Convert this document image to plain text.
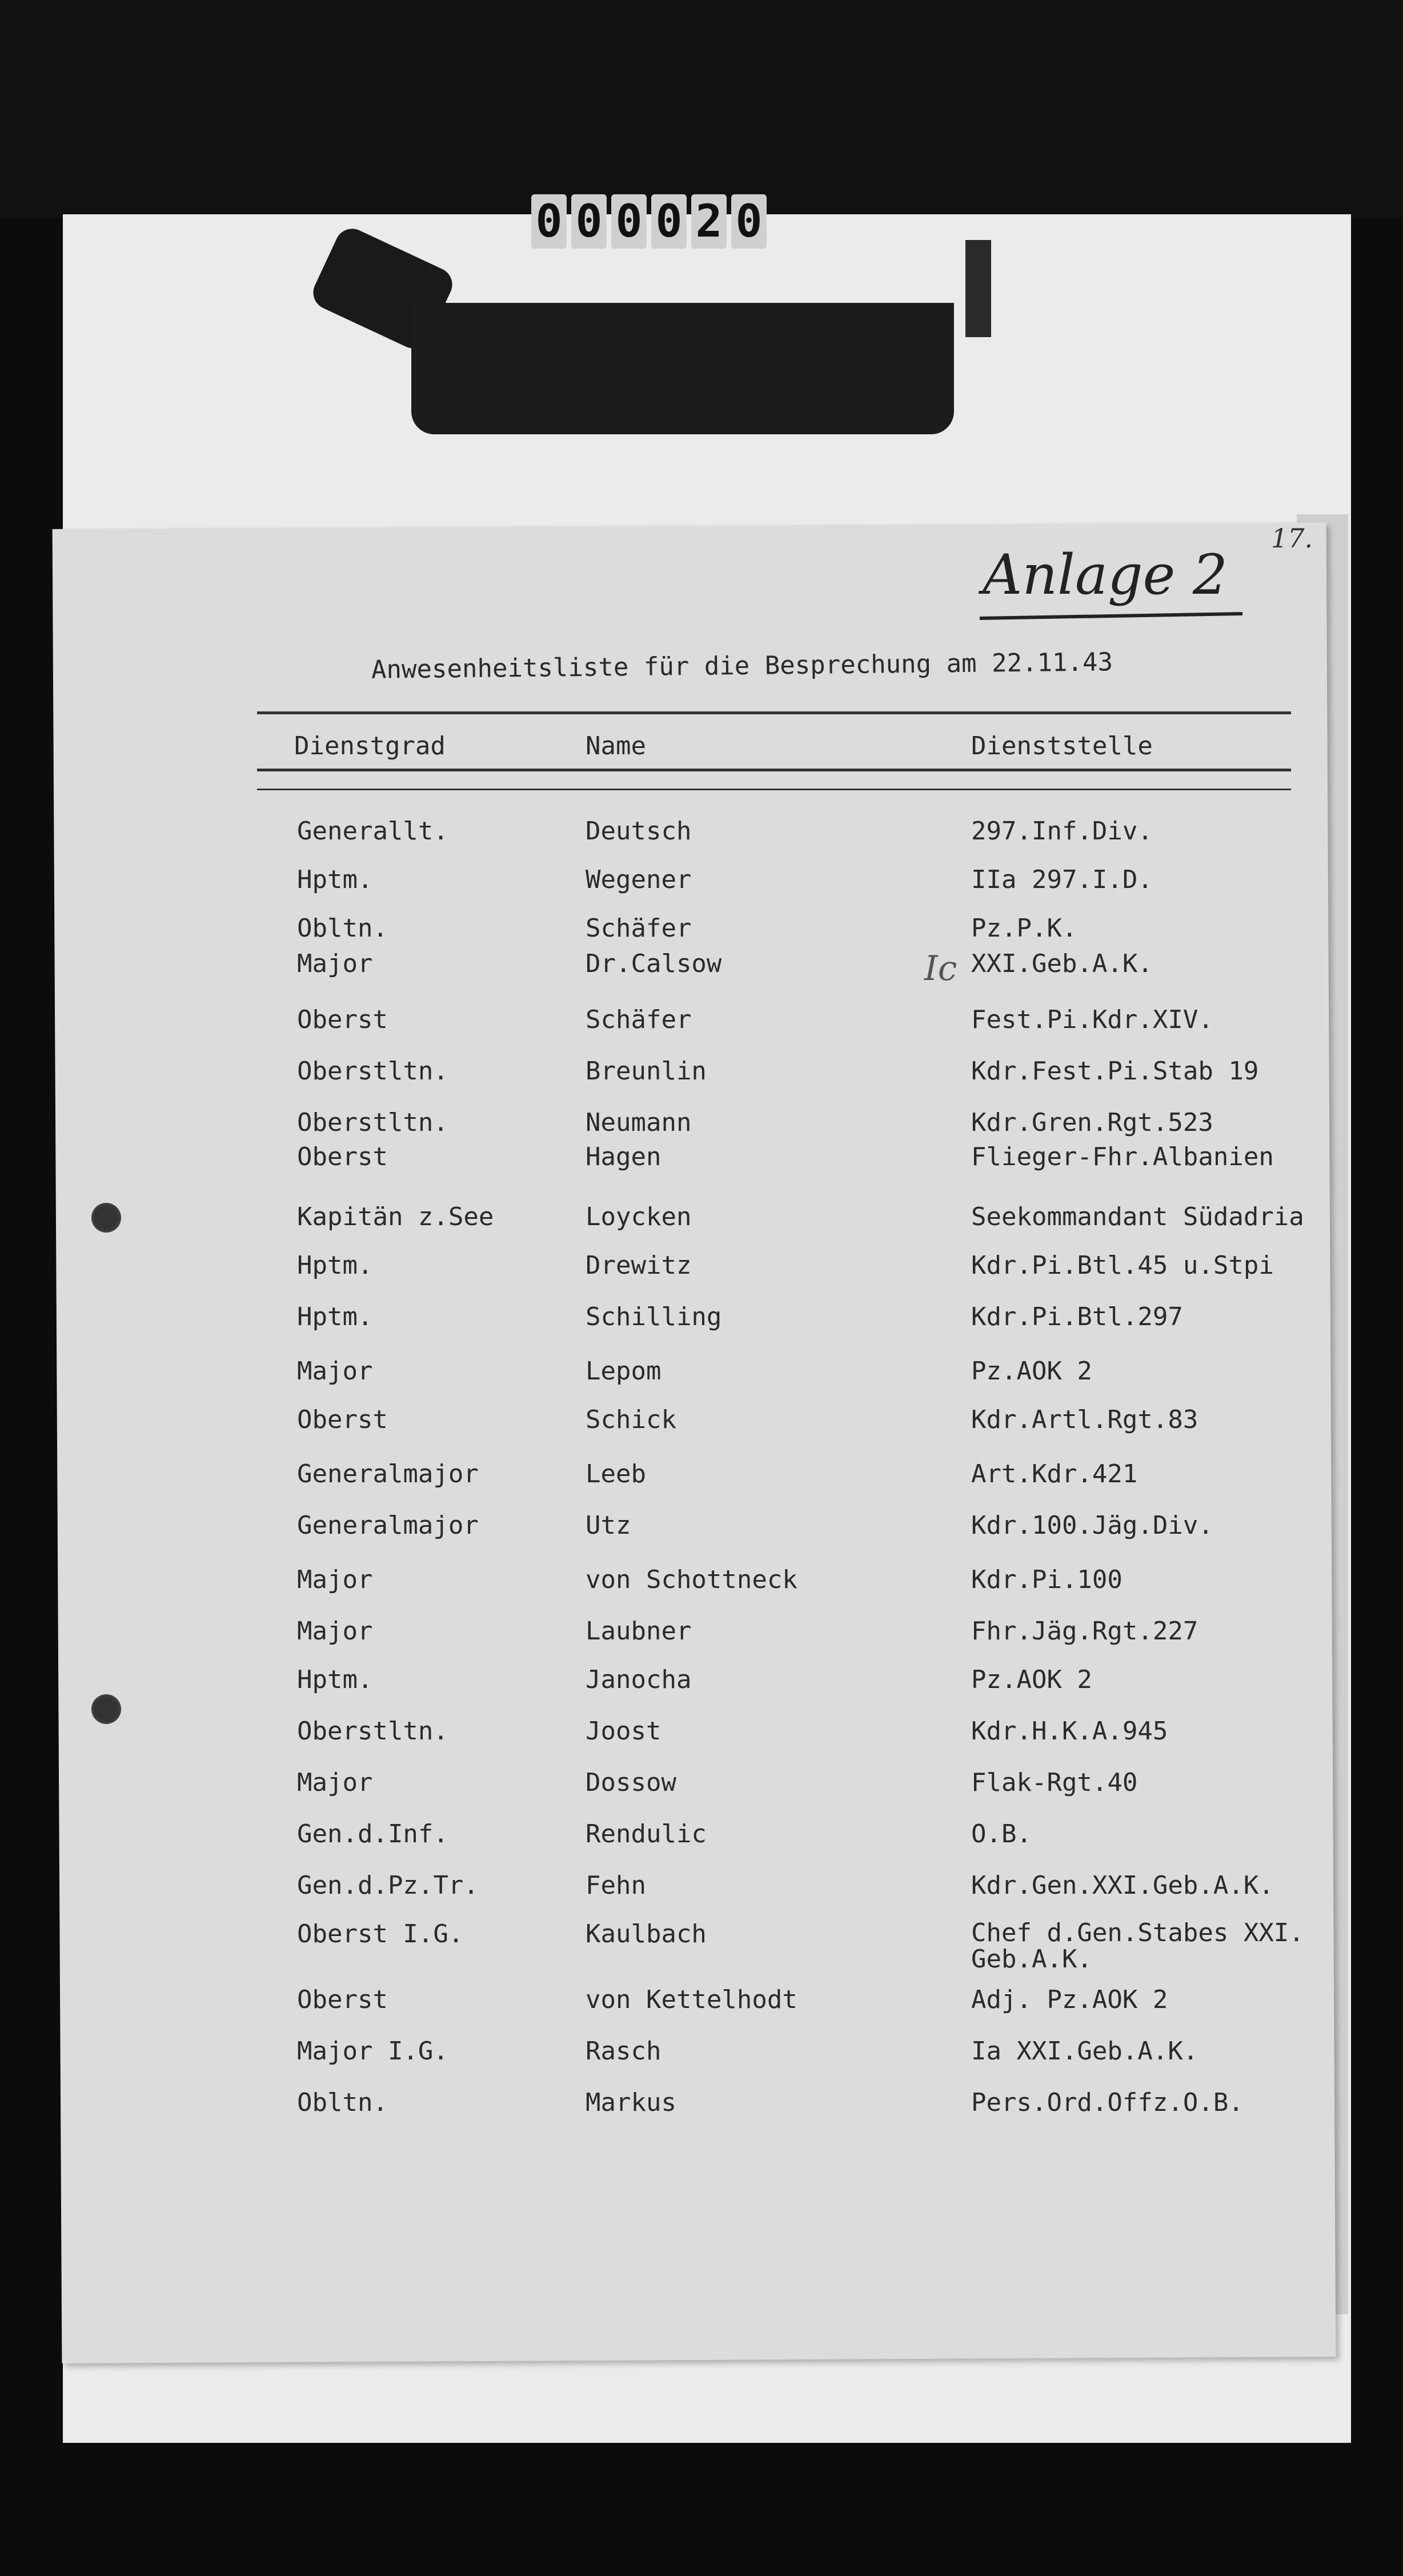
0 0 0 0 2 0
17.
Anlage 2
Anwesenheitsliste für die Besprechung am 22.11.43
Dienstgrad	Name	Dienststelle
Ic
Generallt.	Deutsch	297.Inf.Div.
Hptm.	Wegener	IIa 297.I.D.
Obltn.	Schäfer	Pz.P.K.
Major	Dr.Calsow	XXI.Geb.A.K.
Oberst	Schäfer	Fest.Pi.Kdr.XIV.
Oberstltn.	Breunlin	Kdr.Fest.Pi.Stab 19
Oberstltn.	Neumann	Kdr.Gren.Rgt.523
Oberst	Hagen	Flieger-Fhr.Albanien
Kapitän z.See	Loycken	Seekommandant Südadria
Hptm.	Drewitz	Kdr.Pi.Btl.45 u.Stpi
Hptm.	Schilling	Kdr.Pi.Btl.297
Major	Lepom	Pz.AOK 2
Oberst	Schick	Kdr.Artl.Rgt.83
Generalmajor	Leeb	Art.Kdr.421
Generalmajor	Utz	Kdr.100.Jäg.Div.
Major	von Schottneck	Kdr.Pi.100
Major	Laubner	Fhr.Jäg.Rgt.227
Hptm.	Janocha	Pz.AOK 2
Oberstltn.	Joost	Kdr.H.K.A.945
Major	Dossow	Flak-Rgt.40
Gen.d.Inf.	Rendulic	O.B.
Gen.d.Pz.Tr.	Fehn	Kdr.Gen.XXI.Geb.A.K.
Oberst I.G.	Kaulbach	Chef d.Gen.Stabes XXI. Geb.A.K.
Oberst	von Kettelhodt	Adj. Pz.AOK 2
Major I.G.	Rasch	Ia XXI.Geb.A.K.
Obltn.	Markus	Pers.Ord.Offz.O.B.
